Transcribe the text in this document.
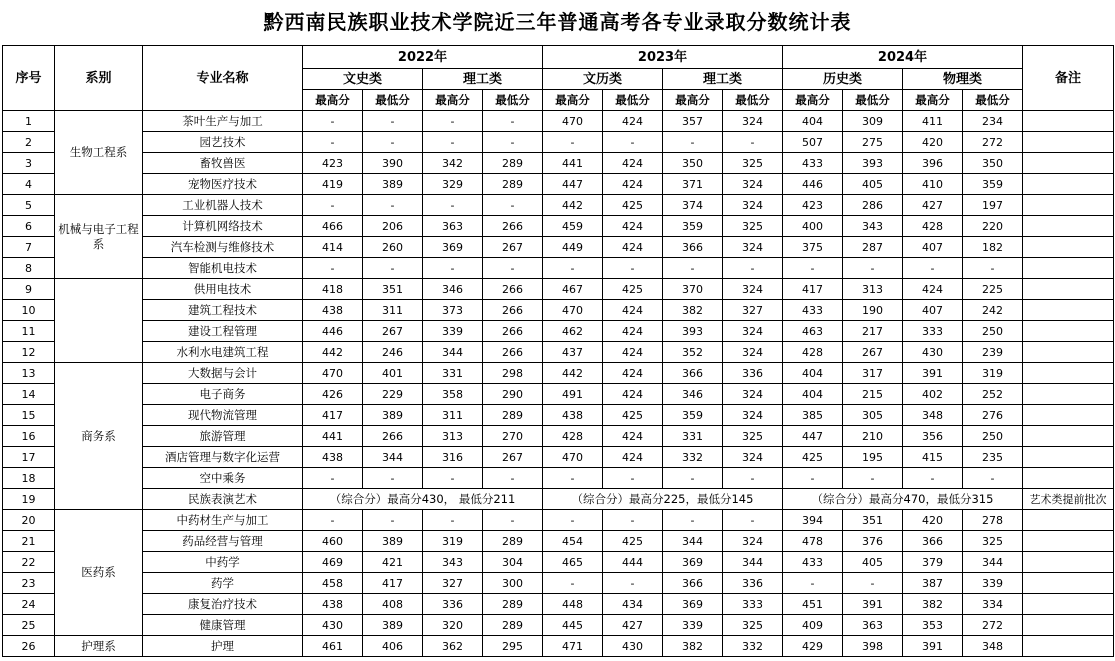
黔西南民族职业技术学院近三年普通高考各专业录取分数统计表
序号	系别	专业名称	2022年				2023年				2024年				备注
			文史类		理工类		文历类		理工类		历史类		物理类		
			最高分	最低分	最高分	最低分	最高分	最低分	最高分	最低分	最高分	最低分	最高分	最低分	
1	生物工程系	茶叶生产与加工	-	-	-	-	470	424	357	324	404	309	411	234	
2		园艺技术	-	-	-	-	-	-	-	-	507	275	420	272	
3		畜牧兽医	423	390	342	289	441	424	350	325	433	393	396	350	
4		宠物医疗技术	419	389	329	289	447	424	371	324	446	405	410	359	
5	机械与电子工程系	工业机器人技术	-	-	-	-	442	425	374	324	423	286	427	197	
6		计算机网络技术	466	206	363	266	459	424	359	325	400	343	428	220	
7		汽车检测与维修技术	414	260	369	267	449	424	366	324	375	287	407	182	
8		智能机电技术	-	-	-	-	-	-	-	-	-	-	-	-	
9		供用电技术	418	351	346	266	467	425	370	324	417	313	424	225	
10		建筑工程技术	438	311	373	266	470	424	382	327	433	190	407	242	
11		建设工程管理	446	267	339	266	462	424	393	324	463	217	333	250	
12		水利水电建筑工程	442	246	344	266	437	424	352	324	428	267	430	239	
13	商务系	大数据与会计	470	401	331	298	442	424	366	336	404	317	391	319	
14		电子商务	426	229	358	290	491	424	346	324	404	215	402	252	
15		现代物流管理	417	389	311	289	438	425	359	324	385	305	348	276	
16		旅游管理	441	266	313	270	428	424	331	325	447	210	356	250	
17		酒店管理与数字化运营	438	344	316	267	470	424	332	324	425	195	415	235	
18		空中乘务	-	-	-	-	-	-	-	-	-	-	-	-	
19		民族表演艺术	（综合分）最高分430， 最低分211				（综合分）最高分225，最低分145				（综合分）最高分470，最低分315				艺术类提前批次
20	医药系	中药材生产与加工	-	-	-	-	-	-	-	-	394	351	420	278	
21		药品经营与管理	460	389	319	289	454	425	344	324	478	376	366	325	
22		中药学	469	421	343	304	465	444	369	344	433	405	379	344	
23		药学	458	417	327	300	-	-	366	336	-	-	387	339	
24		康复治疗技术	438	408	336	289	448	434	369	333	451	391	382	334	
25		健康管理	430	389	320	289	445	427	339	325	409	363	353	272	
26	护理系	护理	461	406	362	295	471	430	382	332	429	398	391	348	
